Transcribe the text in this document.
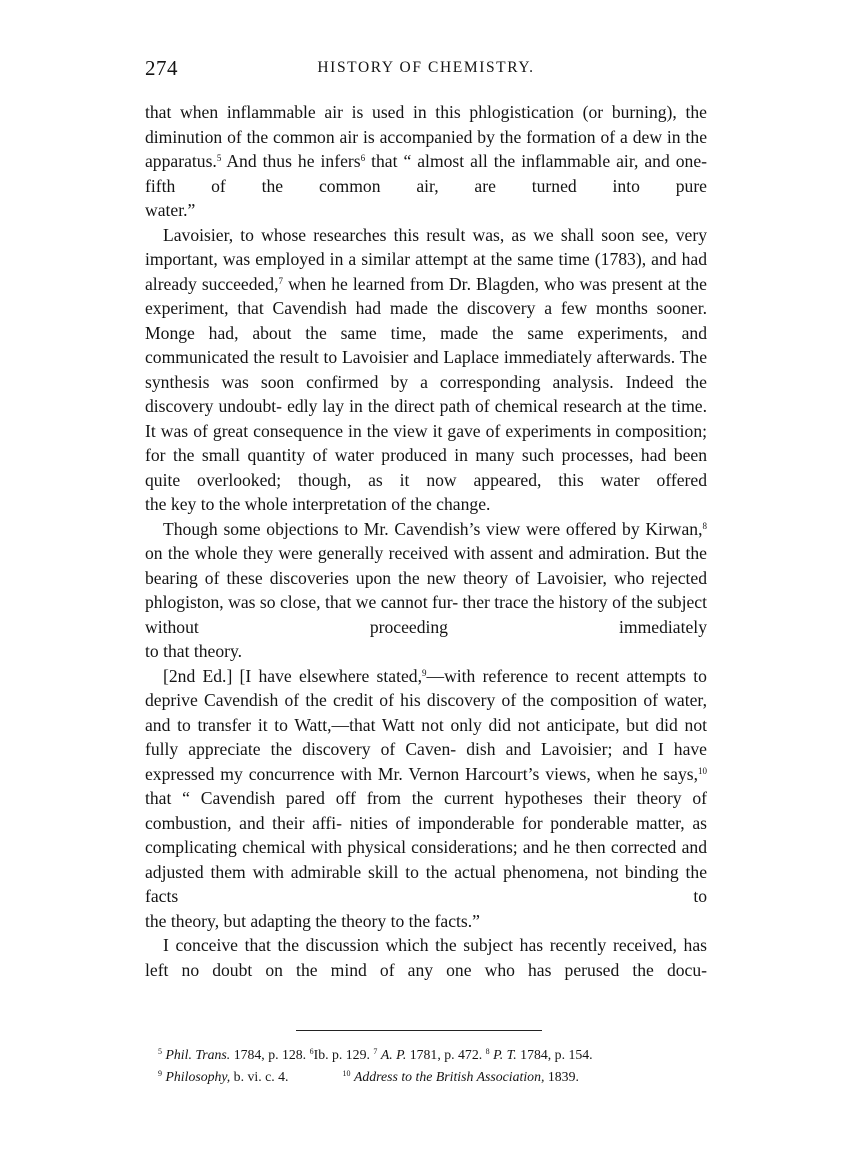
274	HISTORY OF CHEMISTRY.

that when inflammable air is used in this phlogistication (or burning), the diminution of the common air is accompanied by the formation of a dew in the apparatus.$^5$ And thus he infers$^6$ that “ almost all the inflammable air, and one-fifth of the common air, are turned into pure

water.”

Lavoisier, to whose researches this result was, as we shall soon see, very important, was employed in a similar attempt at the same time (1783), and had already succeeded,$^7$ when he learned from Dr. Blagden, who was present at the experiment, that Cavendish had made the discovery a few months sooner. Monge had, about the same time, made the same experiments, and communicated the result to Lavoisier and Laplace immediately afterwards. The synthesis was soon confirmed by a corresponding analysis. Indeed the discovery undoubt- edly lay in the direct path of chemical research at the time. It was of great consequence in the view it gave of experiments in composition; for the small quantity of water produced in many such processes, had been quite overlooked; though, as it now appeared, this water offered

the key to the whole interpretation of the change.

Though some objections to Mr. Cavendish’s view were offered by Kirwan,$^8$ on the whole they were generally received with assent and admiration. But the bearing of these discoveries upon the new theory of Lavoisier, who rejected phlogiston, was so close, that we cannot fur- ther trace the history of the subject without proceeding immediately

to that theory.

[2nd Ed.] [I have elsewhere stated,$^9$—with reference to recent attempts to deprive Cavendish of the credit of his discovery of the composition of water, and to transfer it to Watt,—that Watt not only did not anticipate, but did not fully appreciate the discovery of Caven- dish and Lavoisier; and I have expressed my concurrence with Mr. Vernon Harcourt’s views, when he says,$^{10}$ that “ Cavendish pared off from the current hypotheses their theory of combustion, and their affi- nities of imponderable for ponderable matter, as complicating chemical with physical considerations; and he then corrected and adjusted them with admirable skill to the actual phenomena, not binding the facts to

the theory, but adapting the theory to the facts.”

I conceive that the discussion which the subject has recently received, has left no doubt on the mind of any one who has perused the docu-

$^5$ Phil. Trans. 1784, p. 128. $^6$Ib. p. 129. $^7$ A. P. 1781, p. 472. $^8$ P. T. 1784, p. 154.
$^9$ Philosophy, b. vi. c. 4.	$^{10}$ Address to the British Association, 1839.
